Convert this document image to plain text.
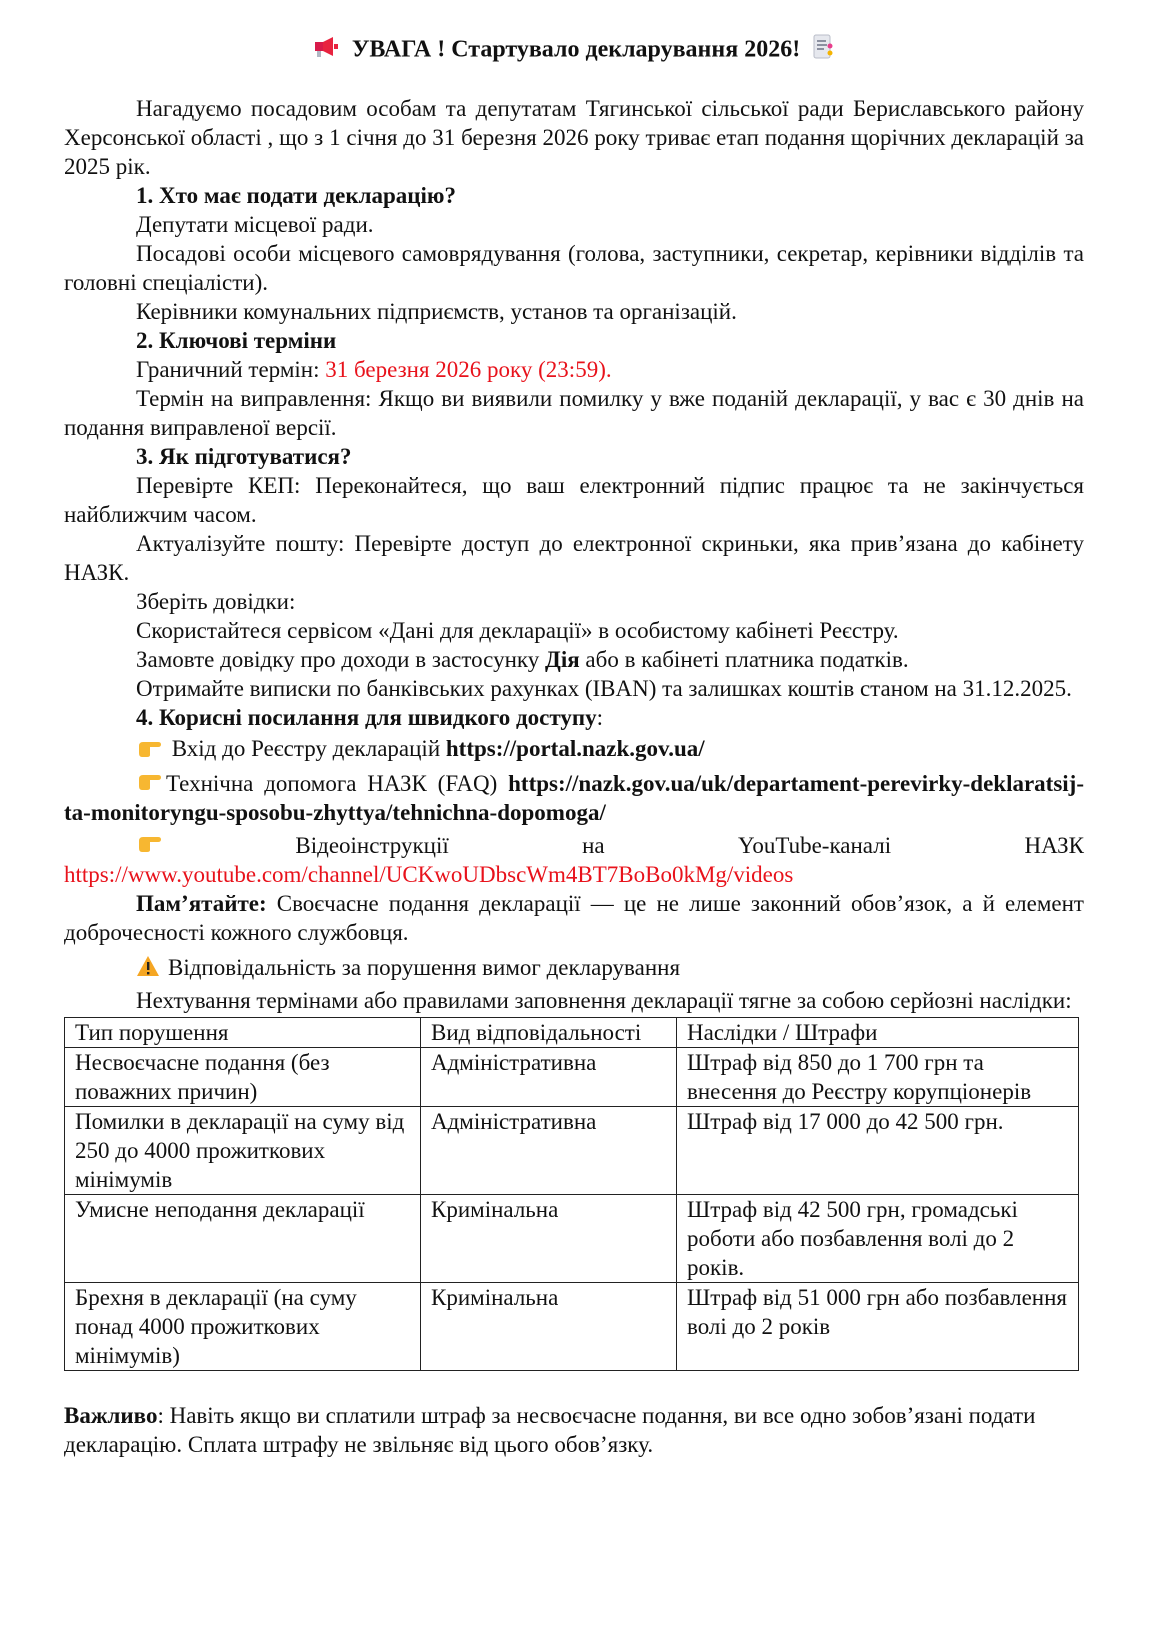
УВАГА ! Стартувало декларування 2026!

Нагадуємо посадовим особам та депутатам Тягинської сільської ради Бериславського району Херсонської області , що з 1 січня до 31 березня 2026 року триває етап подання щорічних декларацій за 2025 рік.

1. Хто має подати декларацію?

Депутати місцевої ради.

Посадові особи місцевого самоврядування (голова, заступники, секретар, керівники відділів та головні спеціалісти).

Керівники комунальних підприємств, установ та організацій.

2. Ключові терміни

Граничний термін: 31 березня 2026 року (23:59).

Термін на виправлення: Якщо ви виявили помилку у вже поданій декларації, у вас є 30 днів на подання виправленої версії.

3. Як підготуватися?

Перевірте КЕП: Переконайтеся, що ваш електронний підпис працює та не закінчується найближчим часом.

Актуалізуйте пошту: Перевірте доступ до електронної скриньки, яка прив’язана до кабінету НАЗК.

Зберіть довідки:

Скористайтеся сервісом «Дані для декларації» в особистому кабінеті Реєстру.

Замовте довідку про доходи в застосунку Дія або в кабінеті платника податків.

Отримайте виписки по банківських рахунках (IBAN) та залишках коштів станом на 31.12.2025.

4. Корисні посилання для швидкого доступу:

Вхід до Реєстру декларацій https://portal.nazk.gov.ua/

Технічна допомога НАЗК (FAQ) https://nazk.gov.ua/uk/departament-perevirky-deklaratsij-ta-monitoryngu-sposobu-zhyttya/tehnichna-dopomoga/

Відеоінструкції	на	YouTube-каналі	НАЗК

https://www.youtube.com/channel/UCKwoUDbscWm4BT7BoBo0kMg/videos

Пам’ятайте: Своєчасне подання декларації — це не лише законний обов’язок, а й елемент доброчесності кожного службовця.

Відповідальність за порушення вимог декларування

Нехтування термінами або правилами заповнення декларації тягне за собою серйозні наслідки:

Тип порушення	Вид відповідальності	Наслідки / Штрафи
Несвоєчасне подання (без поважних причин)	Адміністративна	Штраф від 850 до 1 700 грн та внесення до Реєстру корупціонерів
Помилки в декларації на суму від 250 до 4000 прожиткових мінімумів	Адміністративна	Штраф від 17 000 до 42 500 грн.
Умисне неподання декларації	Кримінальна	Штраф від 42 500 грн, громадські роботи або позбавлення волі до 2 років.
Брехня в декларації (на суму понад 4000 прожиткових мінімумів)	Кримінальна	Штраф від 51 000 грн або позбавлення волі до 2 років

Важливо: Навіть якщо ви сплатили штраф за несвоєчасне подання, ви все одно зобов’язані подати декларацію. Сплата штрафу не звільняє від цього обов’язку.
